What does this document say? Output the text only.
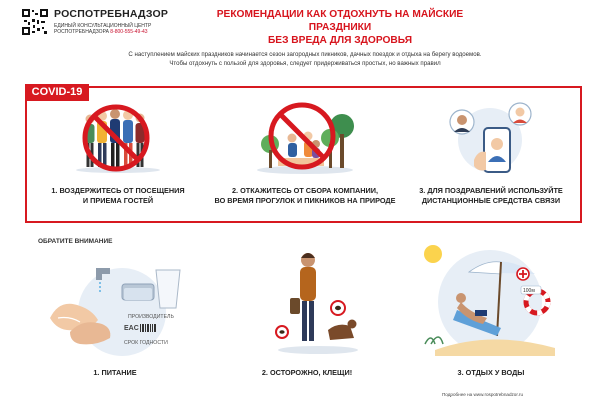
РОСПОТРЕБНАДЗОР
ЕДИНЫЙ КОНСУЛЬТАЦИОННЫЙ ЦЕНТР
РОСПОТРЕБНАДЗОРА 8-800-555-49-43
РЕКОМЕНДАЦИИ КАК ОТДОХНУТЬ НА МАЙСКИЕ ПРАЗДНИКИ
БЕЗ ВРЕДА ДЛЯ ЗДОРОВЬЯ
С наступлением майских праздников начинается сезон загородных пикников, дачных поездок и отдыха на берегу водоемов.
Чтобы отдохнуть с пользой для здоровья, следует придерживаться простых, но важных правил
COVID-19
1. ВОЗДЕРЖИТЕСЬ ОТ ПОСЕЩЕНИЯ
И ПРИЕМА ГОСТЕЙ
2. ОТКАЖИТЕСЬ ОТ СБОРА КОМПАНИИ,
ВО ВРЕМЯ ПРОГУЛОК И ПИКНИКОВ НА ПРИРОДЕ
3. ДЛЯ ПОЗДРАВЛЕНИЙ ИСПОЛЬЗУЙТЕ
ДИСТАНЦИОННЫЕ СРЕДСТВА СВЯЗИ
ОБРАТИТЕ ВНИМАНИЕ
ПРОИЗВОДИТЕЛЬ
EAC
СРОК ГОДНОСТИ
100м
1. ПИТАНИЕ	2. ОСТОРОЖНО, КЛЕЩИ!	3. ОТДЫХ У ВОДЫ
Подробнее на www.rospotrebnadzor.ru
